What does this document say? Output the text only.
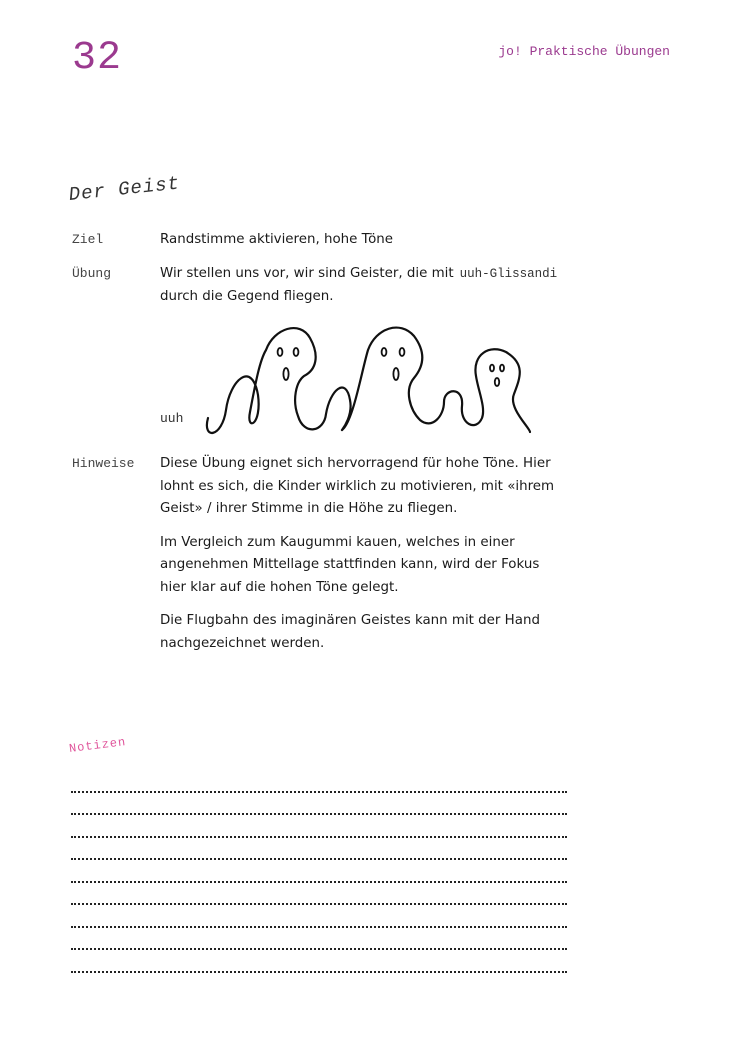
32	jo! Praktische Übungen
Der Geist
Ziel	Randstimme aktivieren, hohe Töne
Übung	Wir stellen uns vor, wir sind Geister, die mit uuh-Glissandi
durch die Gegend fliegen.
uuh
Hinweise Diese Übung eignet sich hervorragend für hohe Töne. Hier lohnt es sich, die Kinder wirklich zu motivieren, mit «ihrem Geist» / ihrer Stimme in die Höhe zu fliegen.

Im Vergleich zum Kaugummi kauen, welches in einer angenehmen Mittellage stattfinden kann, wird der Fokus hier klar auf die hohen Töne gelegt.

Die Flugbahn des imaginären Geistes kann mit der Hand nachgezeichnet werden.

Notizen
